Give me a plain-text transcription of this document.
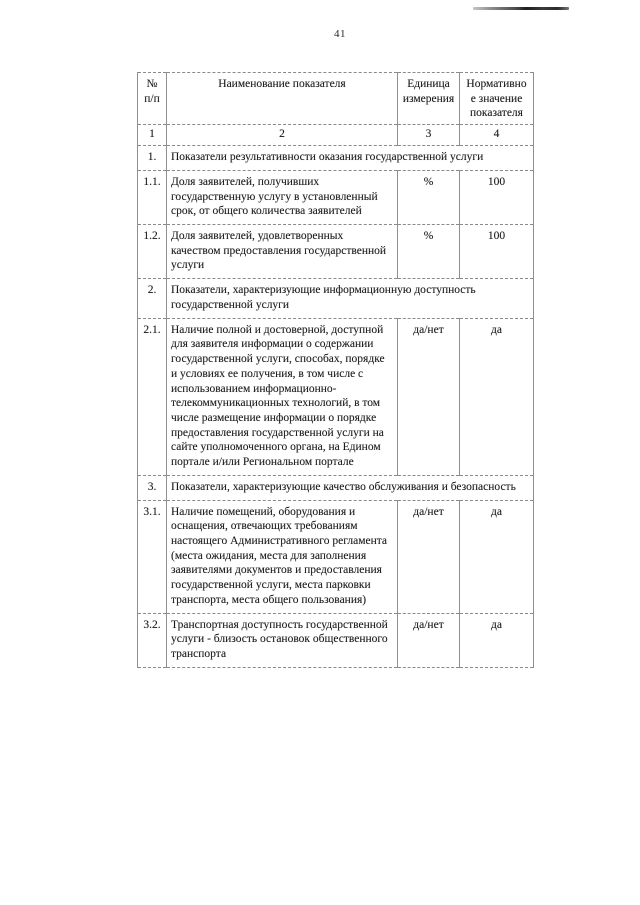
41
№ п/п	Наименование показателя	Единица измерения	Нормативное значение показателя
1	2	3	4
1.	Показатели результативности оказания государственной услуги		
1.1.	Доля заявителей, получивших государственную услугу в установленный срок, от общего количества заявителей	%	100
1.2.	Доля заявителей, удовлетворенных качеством предоставления государственной услуги	%	100
2.	Показатели, характеризующие информационную доступность государственной услуги		
2.1.	Наличие полной и достоверной, доступной для заявителя информации о содержании государственной услуги, способах, порядке и условиях ее получения, в том числе с использованием информационно-телекоммуникационных технологий, в том числе размещение информации о порядке предоставления государственной услуги на сайте уполномоченного органа, на Едином портале и/или Региональном портале	да/нет	да
3.	Показатели, характеризующие качество обслуживания и безопасность		
3.1.	Наличие помещений, оборудования и оснащения, отвечающих требованиям настоящего Административного регламента (места ожидания, места для заполнения заявителями документов и предоставления государственной услуги, места парковки транспорта, места общего пользования)	да/нет	да
3.2.	Транспортная доступность государственной услуги - близость остановок общественного транспорта	да/нет	да
